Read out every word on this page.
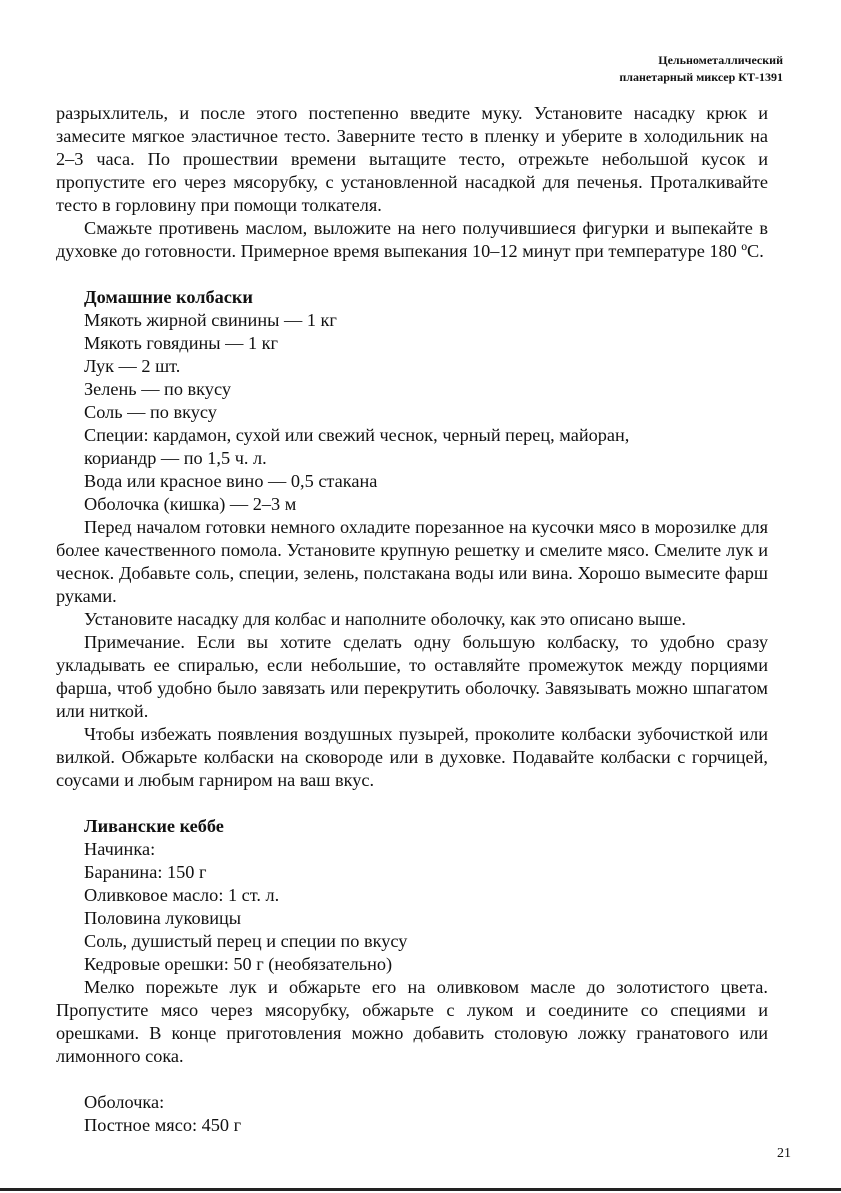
Цельнометаллический
планетарный миксер КТ-1391

разрыхлитель, и после этого постепенно введите муку. Установите насадку крюк и замесите мягкое эластичное тесто. Заверните тесто в пленку и уберите в холодильник на 2–3 часа. По прошествии времени вытащите тесто, отрежьте небольшой кусок и пропустите его через мясорубку, с установленной насадкой для печенья. Проталкивайте тесто в горловину при помощи толкателя.

Смажьте противень маслом, выложите на него получившиеся фигурки и выпекайте в духовке до готовности. Примерное время выпекания 10–12 минут при температуре 180 ºС.

Домашние колбаски

Мякоть жирной свинины — 1 кг

Мякоть говядины — 1 кг

Лук — 2 шт.

Зелень — по вкусу

Соль — по вкусу

Специи: кардамон, сухой или свежий чеснок, черный перец, майоран,

кориандр — по 1,5 ч. л.

Вода или красное вино — 0,5 стакана

Оболочка (кишка) — 2–3 м

Перед началом готовки немного охладите порезанное на кусочки мясо в морозилке для более качественного помола. Установите крупную решетку и смелите мясо. Смелите лук и чеснок. Добавьте соль, специи, зелень, полстакана воды или вина. Хорошо вымесите фарш руками.

Установите насадку для колбас и наполните оболочку, как это описано выше.

Примечание. Если вы хотите сделать одну большую колбаску, то удобно сразу укладывать ее спиралью, если небольшие, то оставляйте промежуток между порциями фарша, чтоб удобно было завязать или перекрутить оболочку. Завязывать можно шпагатом или ниткой.

Чтобы избежать появления воздушных пузырей, проколите колбаски зубочисткой или вилкой. Обжарьте колбаски на сковороде или в духовке. Подавайте колбаски с горчицей, соусами и любым гарниром на ваш вкус.

Ливанские кеббе

Начинка:

Баранина: 150 г

Оливковое масло: 1 ст. л.

Половина луковицы

Соль, душистый перец и специи по вкусу

Кедровые орешки: 50 г (необязательно)

Мелко порежьте лук и обжарьте его на оливковом масле до золотистого цвета. Пропустите мясо через мясорубку, обжарьте с луком и соедините со специями и орешками. В конце приготовления можно добавить столовую ложку гранатового или лимонного сока.

Оболочка:

Постное мясо: 450 г

21
